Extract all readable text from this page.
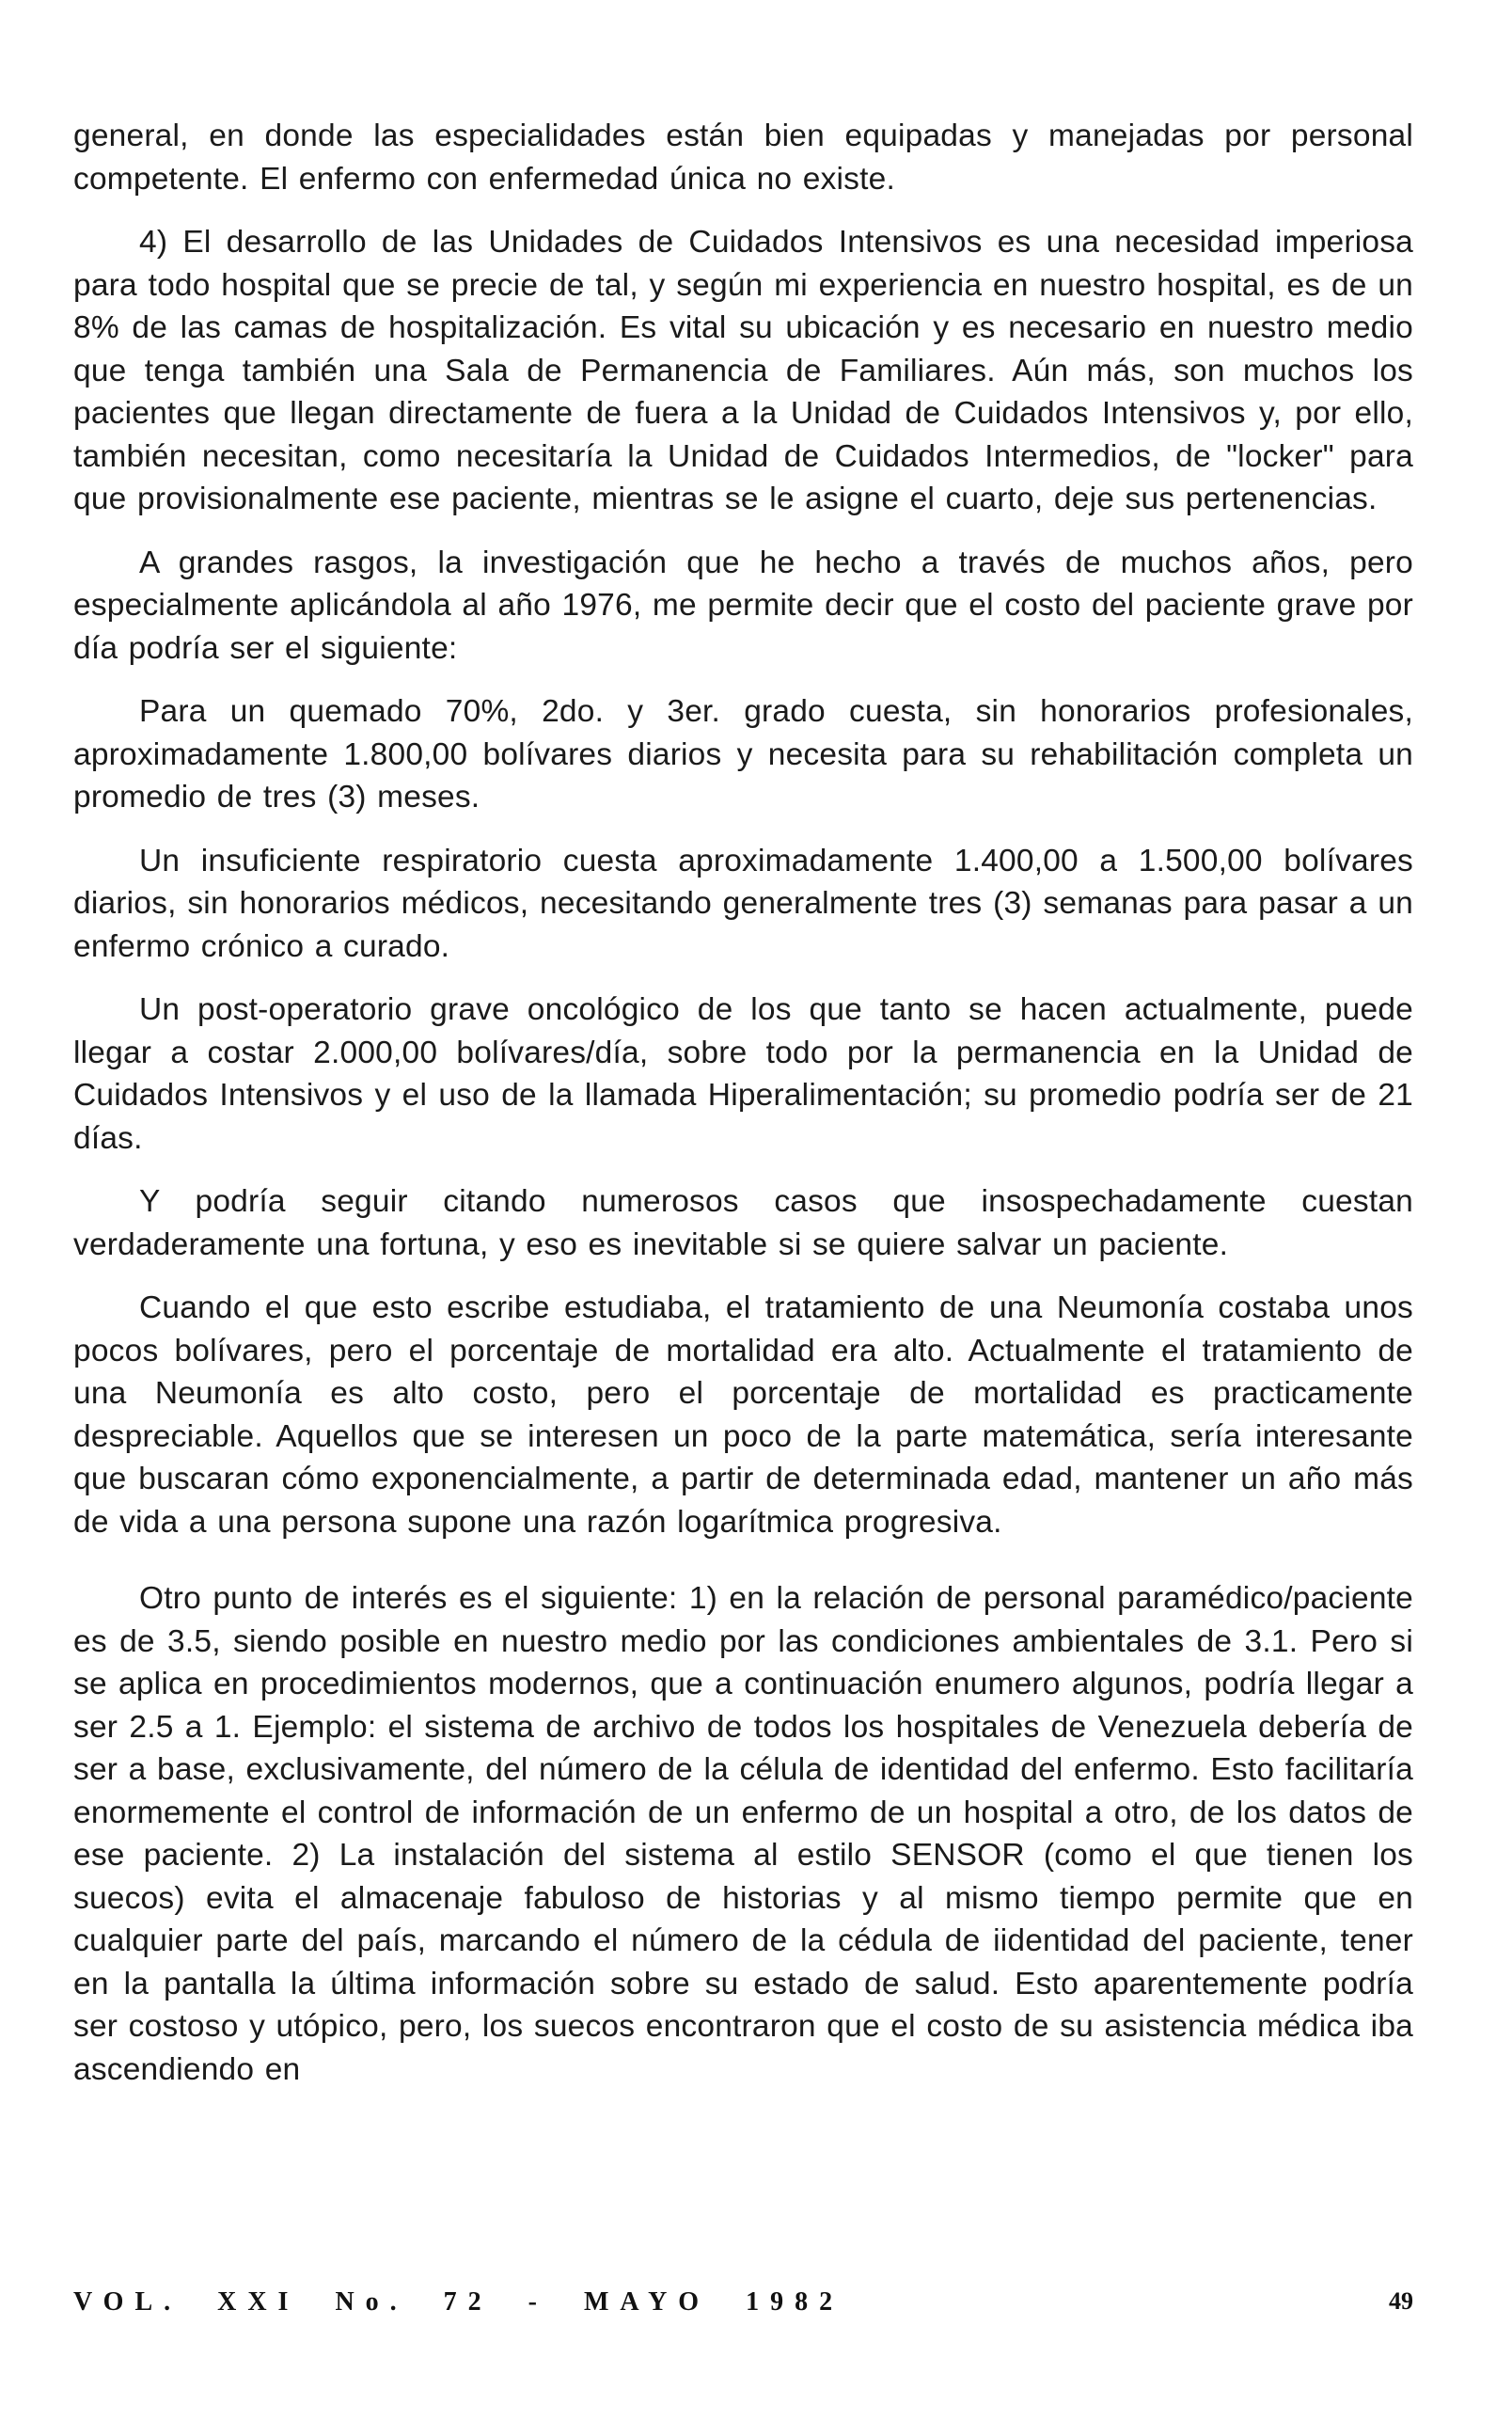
general, en donde las especialidades están bien equipadas y manejadas por personal competente. El enfermo con enfermedad única no existe.

4) El desarrollo de las Unidades de Cuidados Intensivos es una necesidad imperiosa para todo hospital que se precie de tal, y según mi experiencia en nuestro hospital, es de un 8% de las camas de hospitalización. Es vital su ubicación y es necesario en nuestro medio que tenga también una Sala de Permanencia de Familiares. Aún más, son muchos los pacientes que llegan directamente de fuera a la Unidad de Cuidados Intensivos y, por ello, también necesitan, como necesitaría la Unidad de Cuidados Intermedios, de "locker" para que provisionalmente ese paciente, mientras se le asigne el cuarto, deje sus pertenencias.

A grandes rasgos, la investigación que he hecho a través de muchos años, pero especialmente aplicándola al año 1976, me permite decir que el costo del paciente grave por día podría ser el siguiente:

Para un quemado 70%, 2do. y 3er. grado cuesta, sin honorarios profesionales, aproximadamente 1.800,00 bolívares diarios y necesita para su rehabilitación completa un promedio de tres (3) meses.

Un insuficiente respiratorio cuesta aproximadamente 1.400,00 a 1.500,00 bolívares diarios, sin honorarios médicos, necesitando generalmente tres (3) semanas para pasar a un enfermo crónico a curado.

Un post-operatorio grave oncológico de los que tanto se hacen actualmente, puede llegar a costar 2.000,00 bolívares/día, sobre todo por la permanencia en la Unidad de Cuidados Intensivos y el uso de la llamada Hiperalimentación; su promedio podría ser de 21 días.

Y podría seguir citando numerosos casos que insospechadamente cuestan verdaderamente una fortuna, y eso es inevitable si se quiere salvar un paciente.

Cuando el que esto escribe estudiaba, el tratamiento de una Neumonía costaba unos pocos bolívares, pero el porcentaje de mortalidad era alto. Actualmente el tratamiento de una Neumonía es alto costo, pero el porcentaje de mortalidad es practicamente despreciable. Aquellos que se interesen un poco de la parte matemática, sería interesante que buscaran cómo exponencialmente, a partir de determinada edad, mantener un año más de vida a una persona supone una razón logarítmica progresiva.

Otro punto de interés es el siguiente: 1) en la relación de personal paramédico/paciente es de 3.5, siendo posible en nuestro medio por las condiciones ambientales de 3.1. Pero si se aplica en procedimientos modernos, que a continuación enumero algunos, podría llegar a ser 2.5 a 1. Ejemplo: el sistema de archivo de todos los hospitales de Venezuela debería de ser a base, exclusivamente, del número de la célula de identidad del enfermo. Esto facilitaría enormemente el control de información de un enfermo de un hospital a otro, de los datos de ese paciente. 2) La instalación del sistema al estilo SENSOR (como el que tienen los suecos) evita el almacenaje fabuloso de historias y al mismo tiempo permite que en cualquier parte del país, marcando el número de la cédula de iidentidad del paciente, tener en la pantalla la última información sobre su estado de salud. Esto aparentemente podría ser costoso y utópico, pero, los suecos encontraron que el costo de su asistencia médica iba ascendiendo en

VOL.  XXI  No.  72  -  MAYO  1982	49
